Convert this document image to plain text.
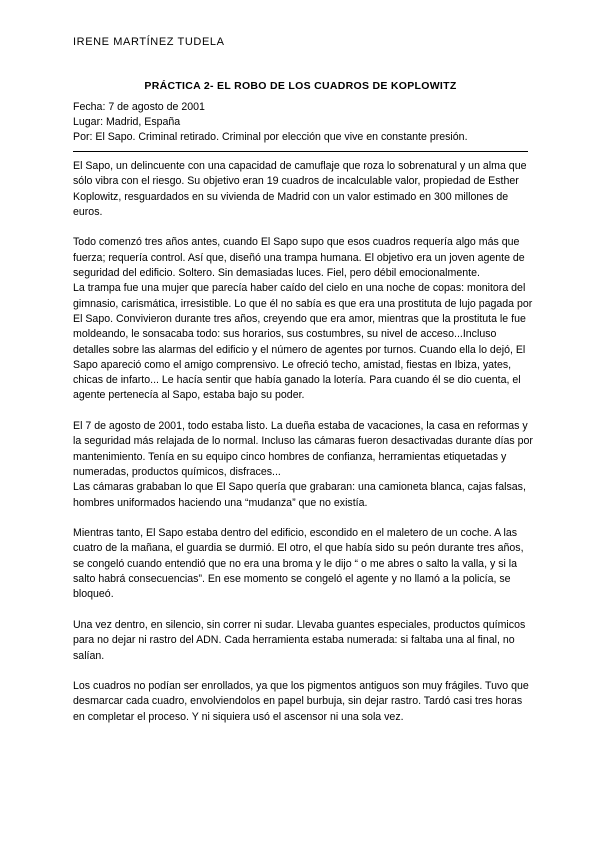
IRENE MARTÍNEZ TUDELA
PRÁCTICA 2- EL ROBO DE LOS CUADROS DE KOPLOWITZ
Fecha: 7 de agosto de 2001
Lugar: Madrid, España
Por: El Sapo. Criminal retirado. Criminal por elección que vive en constante presión.

El Sapo, un delincuente con una capacidad de camuflaje que roza lo sobrenatural y un alma que sólo vibra con el riesgo. Su objetivo eran 19 cuadros de incalculable valor, propiedad de Esther Koplowitz, resguardados en su vivienda de Madrid con un valor estimado en 300 millones de euros.

Todo comenzó tres años antes, cuando El Sapo supo que esos cuadros requería algo más que fuerza; requería control. Así que, diseñó una trampa humana. El objetivo era un joven agente de seguridad del edificio. Soltero. Sin demasiadas luces. Fiel, pero débil emocionalmente.

La trampa fue una mujer que parecía haber caído del cielo en una noche de copas: monitora del gimnasio, carismática, irresistible. Lo que él no sabía es que era una prostituta de lujo pagada por El Sapo. Convivieron durante tres años, creyendo que era amor, mientras que la prostituta le fue moldeando, le sonsacaba todo: sus horarios, sus costumbres, su nivel de acceso...Incluso detalles sobre las alarmas del edificio y el número de agentes por turnos. Cuando ella lo dejó, El Sapo apareció como el amigo comprensivo. Le ofreció techo, amistad, fiestas en Ibiza, yates, chicas de infarto... Le hacía sentir que había ganado la lotería. Para cuando él se dio cuenta, el agente pertenecía al Sapo, estaba bajo su poder.

El 7 de agosto de 2001, todo estaba listo. La dueña estaba de vacaciones, la casa en reformas y la seguridad más relajada de lo normal. Incluso las cámaras fueron desactivadas durante días por mantenimiento. Tenía en su equipo cinco hombres de confianza, herramientas etiquetadas y numeradas, productos químicos, disfraces...

Las cámaras grababan lo que El Sapo quería que grabaran: una camioneta blanca, cajas falsas, hombres uniformados haciendo una “mudanza” que no existía.

Mientras tanto, El Sapo estaba dentro del edificio, escondido en el maletero de un coche. A las cuatro de la mañana, el guardia se durmió. El otro, el que había sido su peón durante tres años, se congeló cuando entendió que no era una broma y le dijo “ o me abres o salto la valla, y si la salto habrá consecuencias”. En ese momento se congeló el agente y no llamó a la policía, se bloqueó.

Una vez dentro, en silencio, sin correr ni sudar. Llevaba guantes especiales, productos químicos para no dejar ni rastro del ADN. Cada herramienta estaba numerada: si faltaba una al final, no salían.

Los cuadros no podían ser enrollados, ya que los pigmentos antiguos son muy frágiles. Tuvo que desmarcar cada cuadro, envolviendolos en papel burbuja, sin dejar rastro. Tardó casi tres horas en completar el proceso. Y ni siquiera usó el ascensor ni una sola vez.
